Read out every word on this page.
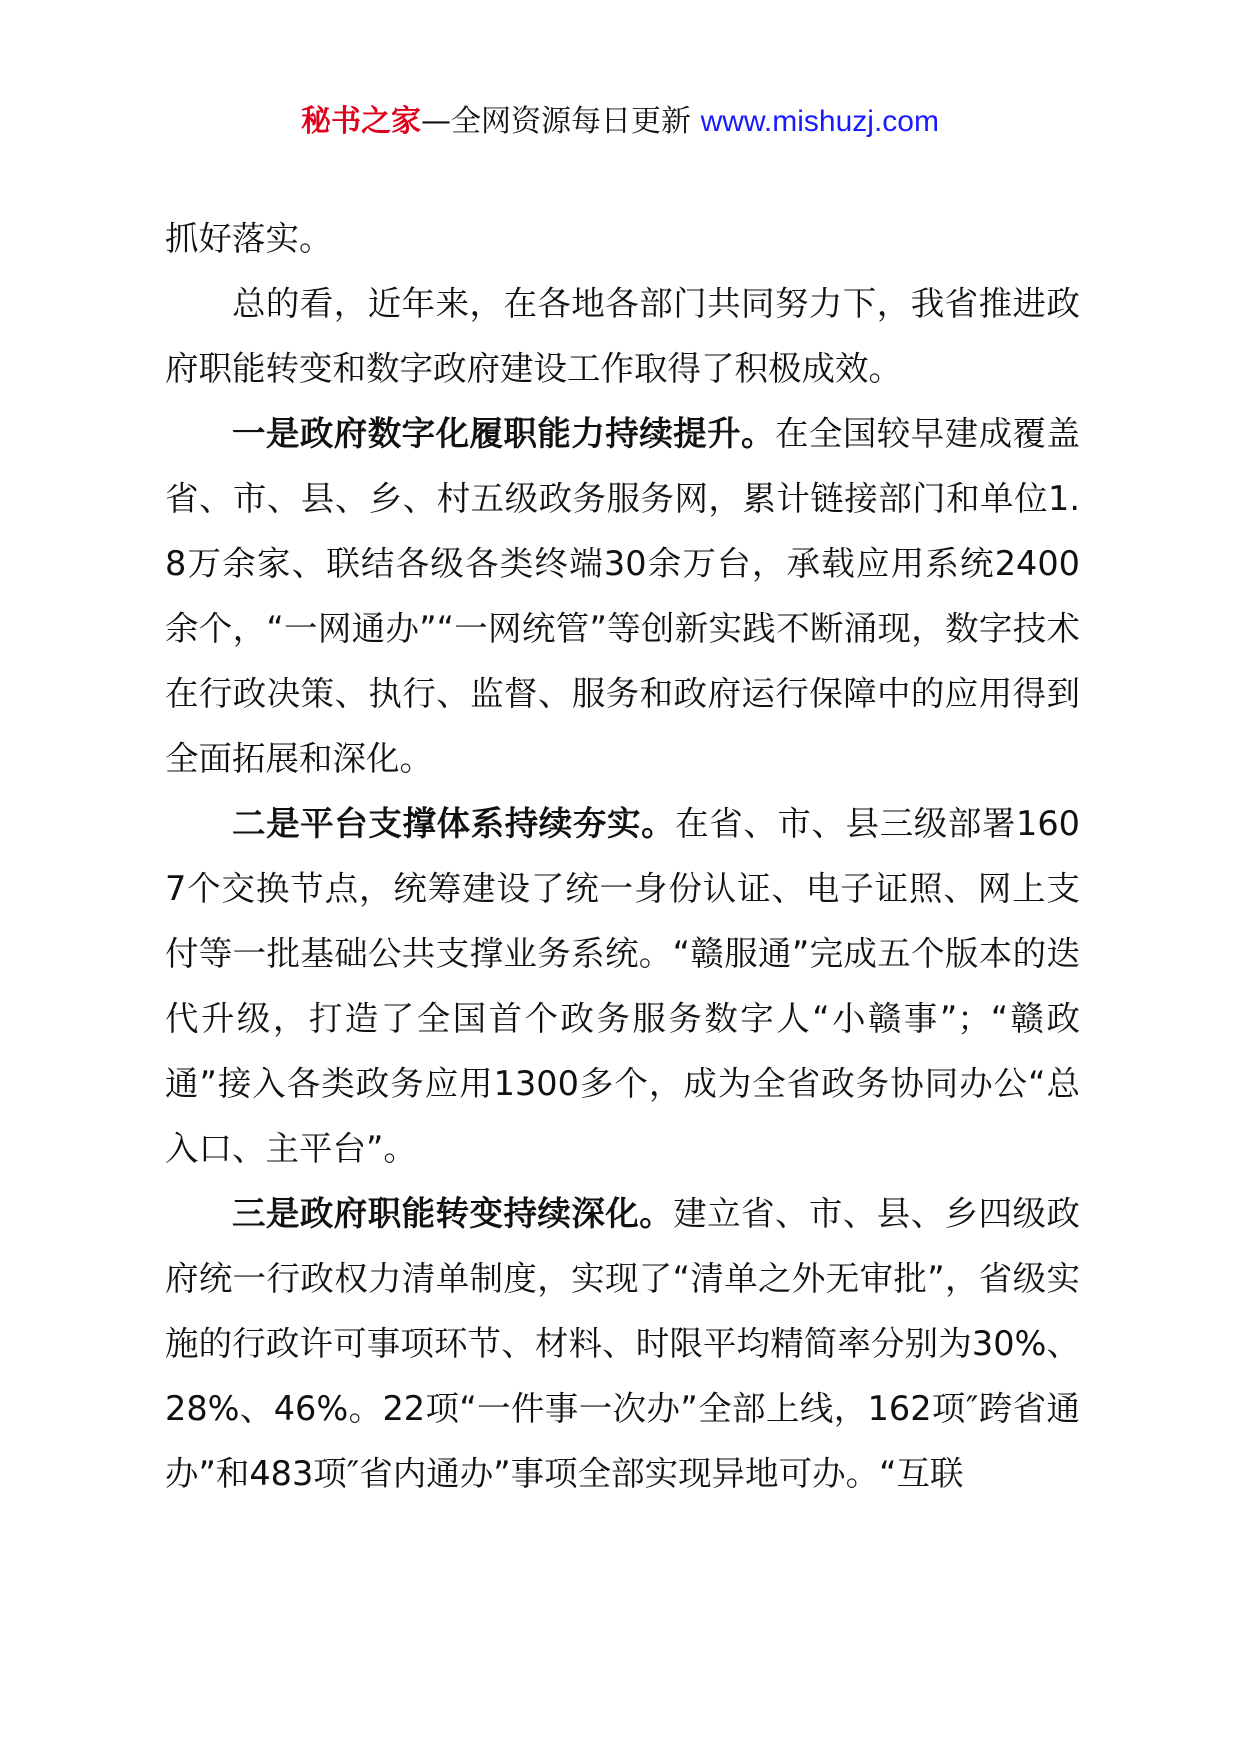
秘书之家—全网资源每日更新 www.mishuzj.com

抓好落实。

总的看，近年来，在各地各部门共同努力下，我省推进政府职能转变和数字政府建设工作取得了积极成效。

一是政府数字化履职能力持续提升。在全国较早建成覆盖省、市、县、乡、村五级政务服务网，累计链接部门和单位1.8万余家、联结各级各类终端30余万台，承载应用系统2400余个，“一网通办”“一网统管”等创新实践不断涌现，数字技术在行政决策、执行、监督、服务和政府运行保障中的应用得到全面拓展和深化。

二是平台支撑体系持续夯实。在省、市、县三级部署1607个交换节点，统筹建设了统一身份认证、电子证照、网上支付等一批基础公共支撑业务系统。“赣服通”完成五个版本的迭代升级，打造了全国首个政务服务数字人“小赣事”；“赣政通”接入各类政务应用1300多个，成为全省政务协同办公“总入口、主平台”。

三是政府职能转变持续深化。建立省、市、县、乡四级政府统一行政权力清单制度，实现了“清单之外无审批”，省级实施的行政许可事项环节、材料、时限平均精简率分别为30%、28%、46%。22项“一件事一次办”全部上线，162项″跨省通办”和483项″省内通办”事项全部实现异地可办。“互联
